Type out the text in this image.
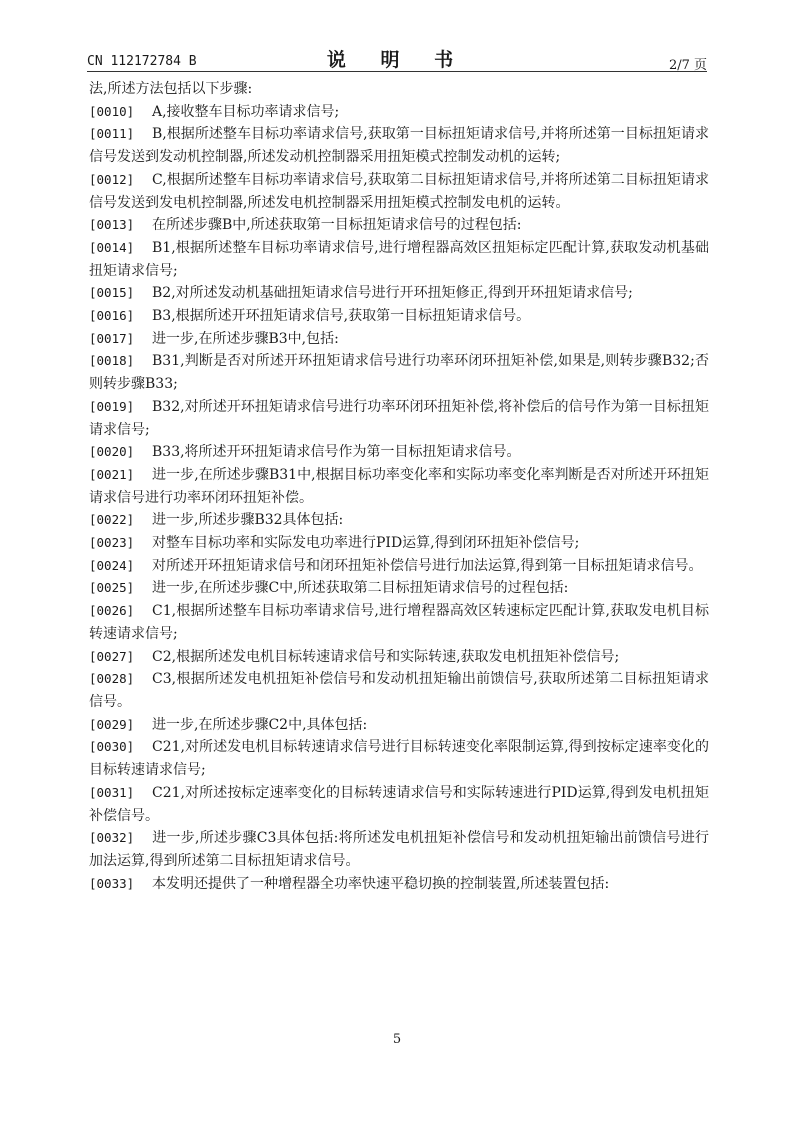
CN 112172784 B	说 明 书	2/7 页

法,所述方法包括以下步骤:

[0010] A,接收整车目标功率请求信号;

[0011] B,根据所述整车目标功率请求信号,获取第一目标扭矩请求信号,并将所述第一目标扭矩请求信号发送到发动机控制器,所述发动机控制器采用扭矩模式控制发动机的运转;

[0012] C,根据所述整车目标功率请求信号,获取第二目标扭矩请求信号,并将所述第二目标扭矩请求信号发送到发电机控制器,所述发电机控制器采用扭矩模式控制发电机的运转。

[0013] 在所述步骤B中,所述获取第一目标扭矩请求信号的过程包括:

[0014] B1,根据所述整车目标功率请求信号,进行增程器高效区扭矩标定匹配计算,获取发动机基础扭矩请求信号;

[0015] B2,对所述发动机基础扭矩请求信号进行开环扭矩修正,得到开环扭矩请求信号;

[0016] B3,根据所述开环扭矩请求信号,获取第一目标扭矩请求信号。

[0017] 进一步,在所述步骤B3中,包括:

[0018] B31,判断是否对所述开环扭矩请求信号进行功率环闭环扭矩补偿,如果是,则转步骤B32;否则转步骤B33;

[0019] B32,对所述开环扭矩请求信号进行功率环闭环扭矩补偿,将补偿后的信号作为第一目标扭矩请求信号;

[0020] B33,将所述开环扭矩请求信号作为第一目标扭矩请求信号。

[0021] 进一步,在所述步骤B31中,根据目标功率变化率和实际功率变化率判断是否对所述开环扭矩请求信号进行功率环闭环扭矩补偿。

[0022] 进一步,所述步骤B32具体包括:

[0023] 对整车目标功率和实际发电功率进行PID运算,得到闭环扭矩补偿信号;

[0024] 对所述开环扭矩请求信号和闭环扭矩补偿信号进行加法运算,得到第一目标扭矩请求信号。

[0025] 进一步,在所述步骤C中,所述获取第二目标扭矩请求信号的过程包括:

[0026] C1,根据所述整车目标功率请求信号,进行增程器高效区转速标定匹配计算,获取发电机目标转速请求信号;

[0027] C2,根据所述发电机目标转速请求信号和实际转速,获取发电机扭矩补偿信号;

[0028] C3,根据所述发电机扭矩补偿信号和发动机扭矩输出前馈信号,获取所述第二目标扭矩请求信号。

[0029] 进一步,在所述步骤C2中,具体包括:

[0030] C21,对所述发电机目标转速请求信号进行目标转速变化率限制运算,得到按标定速率变化的目标转速请求信号;

[0031] C21,对所述按标定速率变化的目标转速请求信号和实际转速进行PID运算,得到发电机扭矩补偿信号。

[0032] 进一步,所述步骤C3具体包括:将所述发电机扭矩补偿信号和发动机扭矩输出前馈信号进行加法运算,得到所述第二目标扭矩请求信号。

[0033] 本发明还提供了一种增程器全功率快速平稳切换的控制装置,所述装置包括:

5
